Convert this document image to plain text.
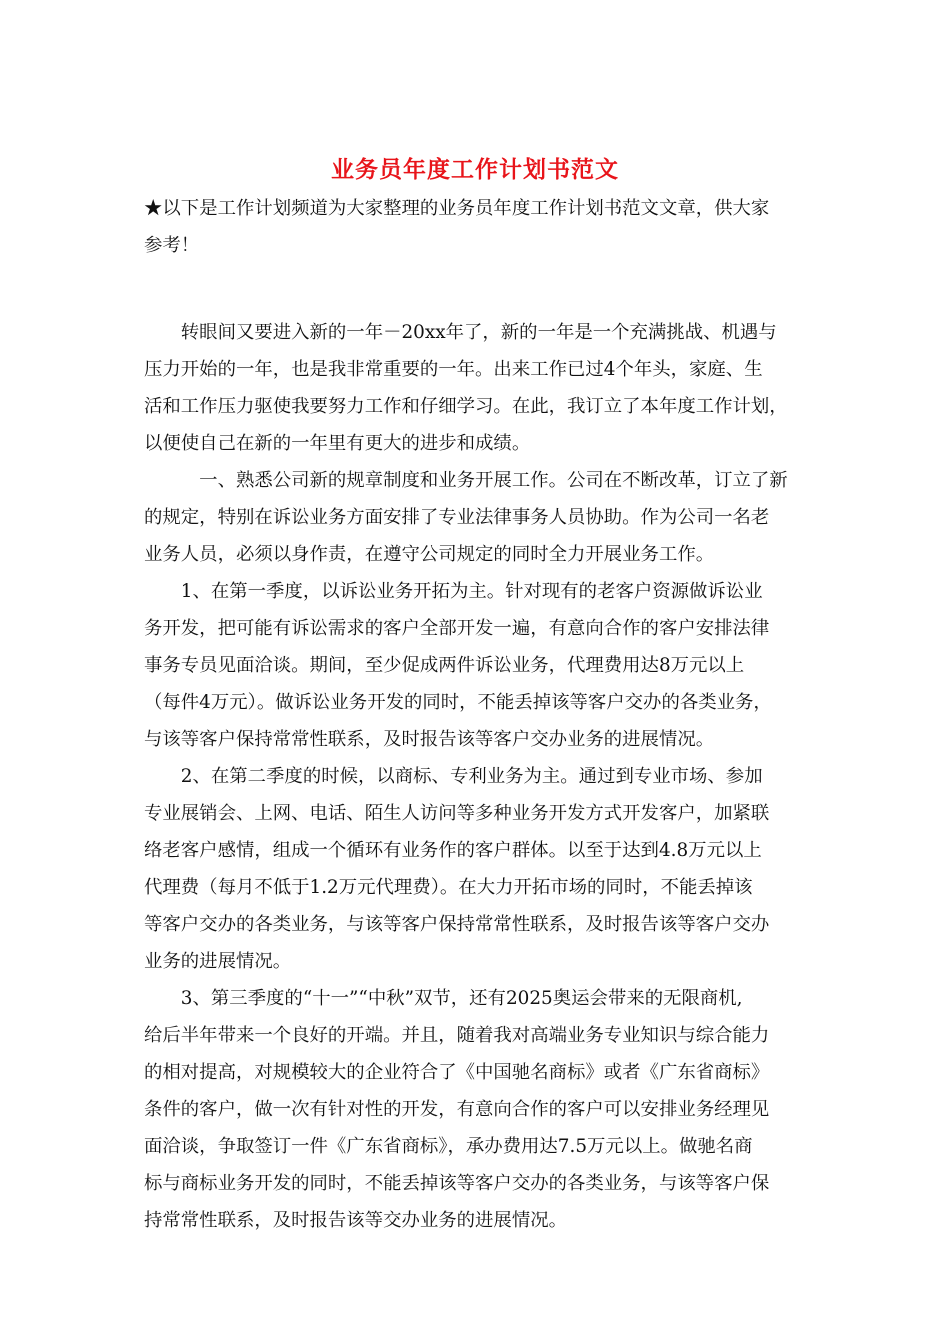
业务员年度工作计划书范文
★以下是工作计划频道为大家整理的业务员年度工作计划书范文文章，供大家
参考！
　　转眼间又要进入新的一年－20xx年了，新的一年是一个充满挑战、机遇与
压力开始的一年，也是我非常重要的一年。出来工作已过4个年头，家庭、生
活和工作压力驱使我要努力工作和仔细学习。在此，我订立了本年度工作计划，
以便使自己在新的一年里有更大的进步和成绩。
　　　一、熟悉公司新的规章制度和业务开展工作。公司在不断改革，订立了新
的规定，特别在诉讼业务方面安排了专业法律事务人员协助。作为公司一名老
业务人员，必须以身作责，在遵守公司规定的同时全力开展业务工作。
　　1、在第一季度，以诉讼业务开拓为主。针对现有的老客户资源做诉讼业
务开发，把可能有诉讼需求的客户全部开发一遍，有意向合作的客户安排法律
事务专员见面洽谈。期间，至少促成两件诉讼业务，代理费用达8万元以上
（每件4万元）。做诉讼业务开发的同时，不能丢掉该等客户交办的各类业务，
与该等客户保持常常性联系，及时报告该等客户交办业务的进展情况。
　　2、在第二季度的时候，以商标、专利业务为主。通过到专业市场、参加
专业展销会、上网、电话、陌生人访问等多种业务开发方式开发客户，加紧联
络老客户感情，组成一个循环有业务作的客户群体。以至于达到4.8万元以上
代理费（每月不低于1.2万元代理费）。在大力开拓市场的同时，不能丢掉该
等客户交办的各类业务，与该等客户保持常常性联系，及时报告该等客户交办
业务的进展情况。
　　3、第三季度的“十一”“中秋”双节，还有2025奥运会带来的无限商机,
给后半年带来一个良好的开端。并且，随着我对高端业务专业知识与综合能力
的相对提高，对规模较大的企业符合了《中国驰名商标》或者《广东省商标》
条件的客户，做一次有针对性的开发，有意向合作的客户可以安排业务经理见
面洽谈，争取签订一件《广东省商标》，承办费用达7.5万元以上。做驰名商
标与商标业务开发的同时，不能丢掉该等客户交办的各类业务，与该等客户保
持常常性联系，及时报告该等交办业务的进展情况。
